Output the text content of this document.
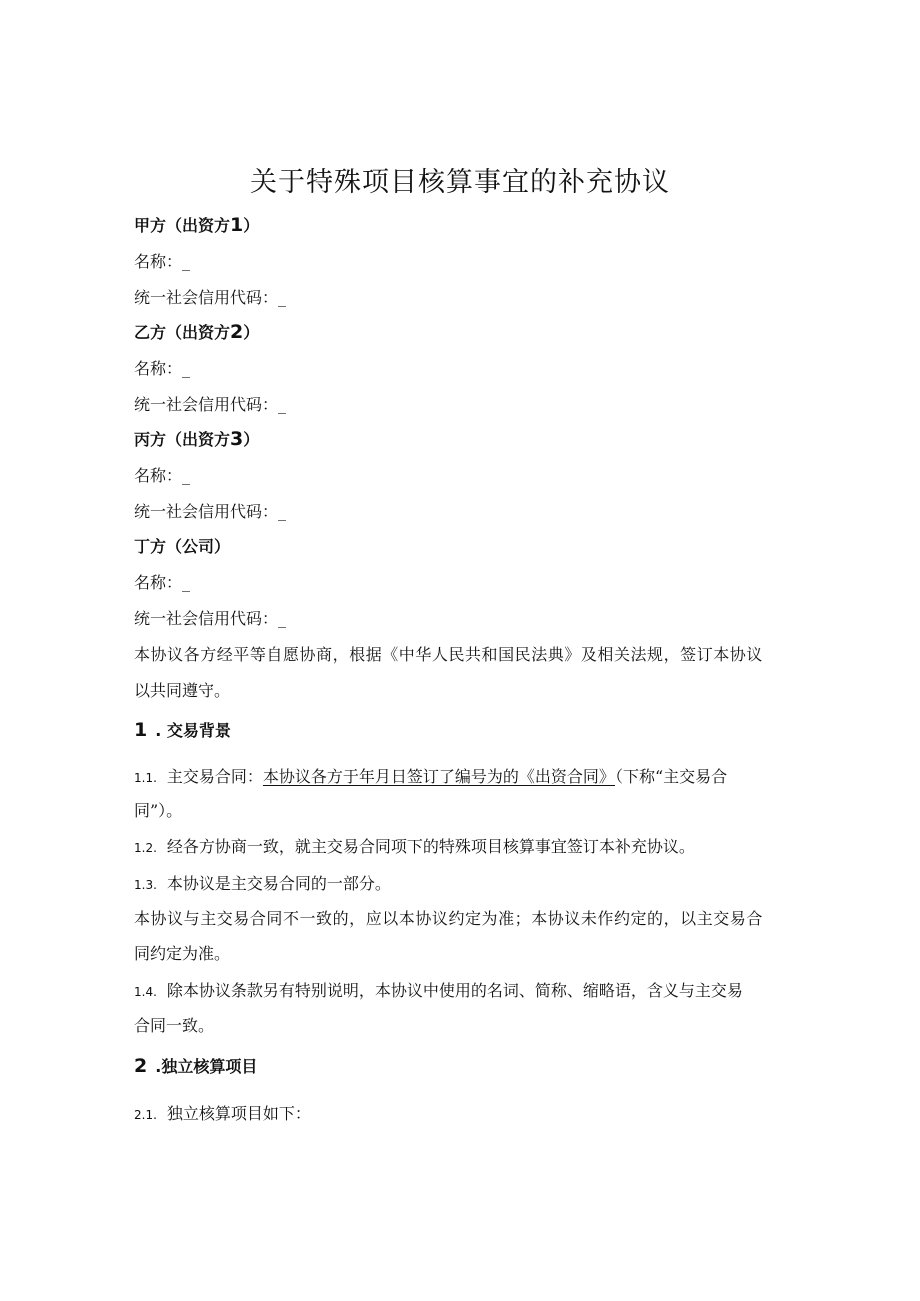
关于特殊项目核算事宜的补充协议
甲方（出资方1）
名称：_
统一社会信用代码：_
乙方（出资方2）
名称：_
统一社会信用代码：_
丙方（出资方3）
名称：_
统一社会信用代码：_
丁方（公司）
名称：_
统一社会信用代码：_
本协议各方经平等自愿协商，根据《中华人民共和国民法典》及相关法规，签订本协议
以共同遵守。
1 . 交易背景
1.1. 主交易合同：本协议各方于年月日签订了编号为的《出资合同》（下称“主交易合
同”）。
1.2. 经各方协商一致，就主交易合同项下的特殊项目核算事宜签订本补充协议。
1.3. 本协议是主交易合同的一部分。
本协议与主交易合同不一致的，应以本协议约定为准；本协议未作约定的，以主交易合
同约定为准。
1.4. 除本协议条款另有特别说明，本协议中使用的名词、简称、缩略语，含义与主交易
合同一致。
2 .独立核算项目
2.1. 独立核算项目如下：
